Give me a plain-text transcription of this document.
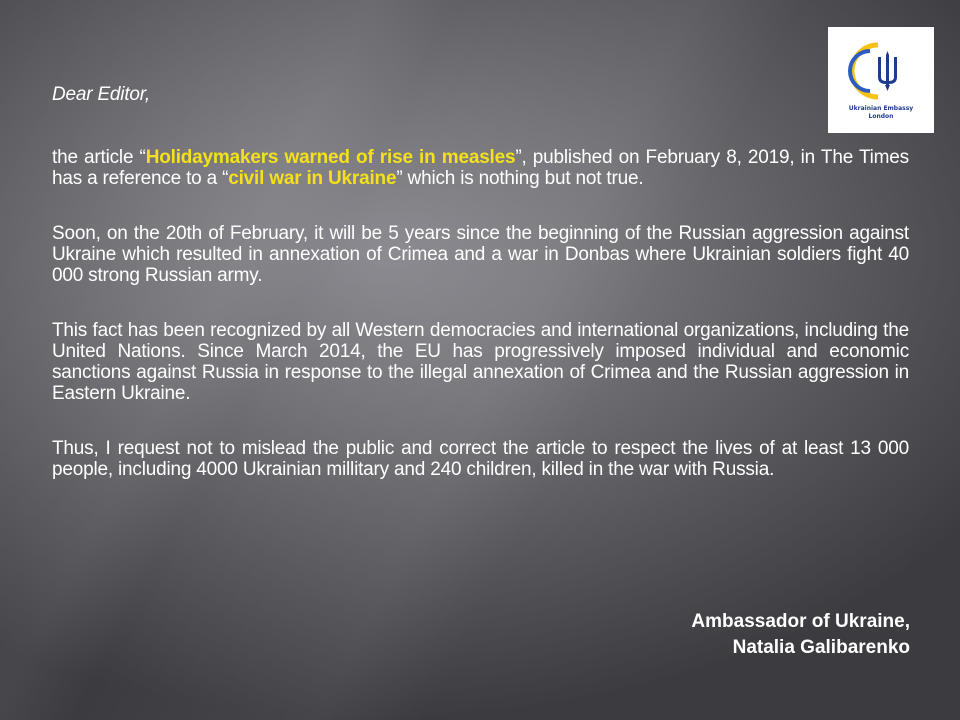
Ukrainian Embassy
London

Dear Editor,

the article “Holidaymakers warned of rise in measles”, published on February 8, 2019, in The Times has a reference to a “civil war in Ukraine” which is nothing but not true.

Soon, on the 20th of February, it will be 5 years since the beginning of the Russian aggression against Ukraine which resulted in annexation of Crimea and a war in Donbas where Ukrainian soldiers fight 40 000 strong Russian army.

This fact has been recognized by all Western democracies and international organizations, including the United Nations. Since March 2014, the EU has progressively imposed individual and economic sanctions against Russia in response to the illegal annexation of Crimea and the Russian aggression in Eastern Ukraine.

Thus, I request not to mislead the public and correct the article to respect the lives of at least 13 000 people, including 4000 Ukrainian millitary and 240 children, killed in the war with Russia.

Ambassador of Ukraine,
Natalia Galibarenko
